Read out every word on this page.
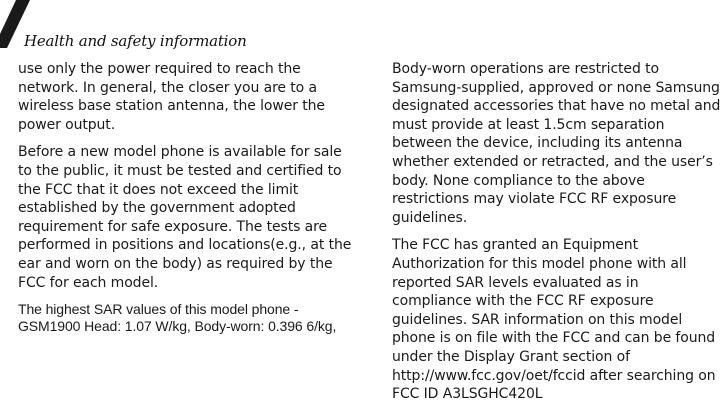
Health and safety information

use only the power required to reach the network. In general, the closer you are to a wireless base station antenna, the lower the power output.

Before a new model phone is available for sale to the public, it must be tested and certified to the FCC that it does not exceed the limit established by the government adopted requirement for safe exposure. The tests are performed in positions and locations(e.g., at the ear and worn on the body) as required by the FCC for each model.

The highest SAR values of this model phone - GSM1900 Head: 1.07 W/kg, Body-worn: 0.396 6/kg,

Body-worn operations are restricted to Samsung-supplied, approved or none Samsung designated accessories that have no metal and must provide at least 1.5cm separation between the device, including its antenna whether extended or retracted, and the user’s body. None compliance to the above restrictions may violate FCC RF exposure guidelines.

The FCC has granted an Equipment Authorization for this model phone with all reported SAR levels evaluated as in compliance with the FCC RF exposure guidelines. SAR information on this model phone is on file with the FCC and can be found under the Display Grant section of http://www.fcc.gov/oet/fccid after searching on FCC ID A3LSGHC420L
